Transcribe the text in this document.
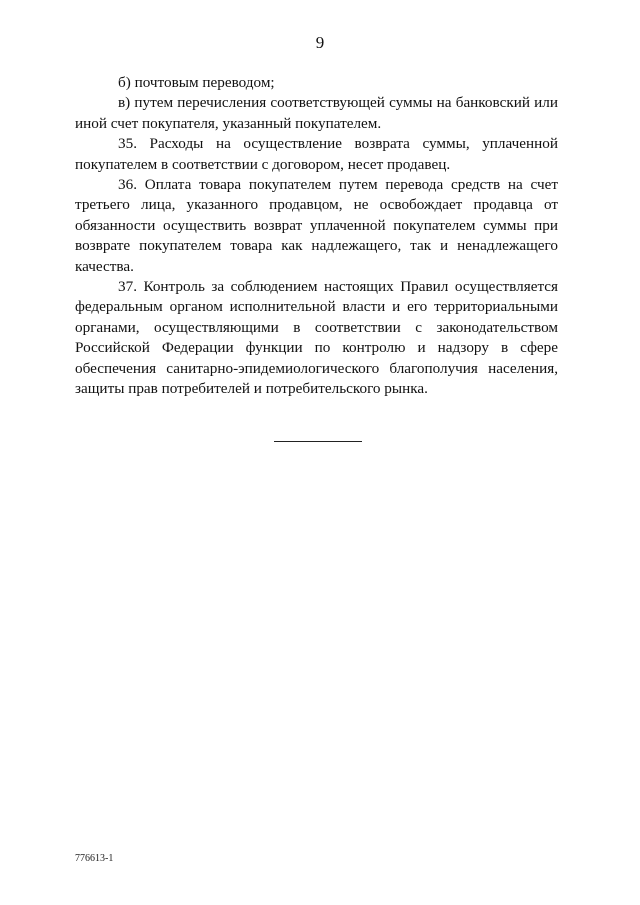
9

б) почтовым переводом;

в) путем перечисления соответствующей суммы на банковский или иной счет покупателя, указанный покупателем.

35. Расходы на осуществление возврата суммы, уплаченной покупателем в соответствии с договором, несет продавец.

36. Оплата товара покупателем путем перевода средств на счет третьего лица, указанного продавцом, не освобождает продавца от обязанности осуществить возврат уплаченной покупателем суммы при возврате покупателем товара как надлежащего, так и ненадлежащего качества.

37. Контроль за соблюдением настоящих Правил осуществляется федеральным органом исполнительной власти и его территориальными органами, осуществляющими в соответствии с законодательством Российской Федерации функции по контролю и надзору в сфере обеспечения санитарно-эпидемиологического благополучия населения, защиты прав потребителей и потребительского рынка.

776613-1
